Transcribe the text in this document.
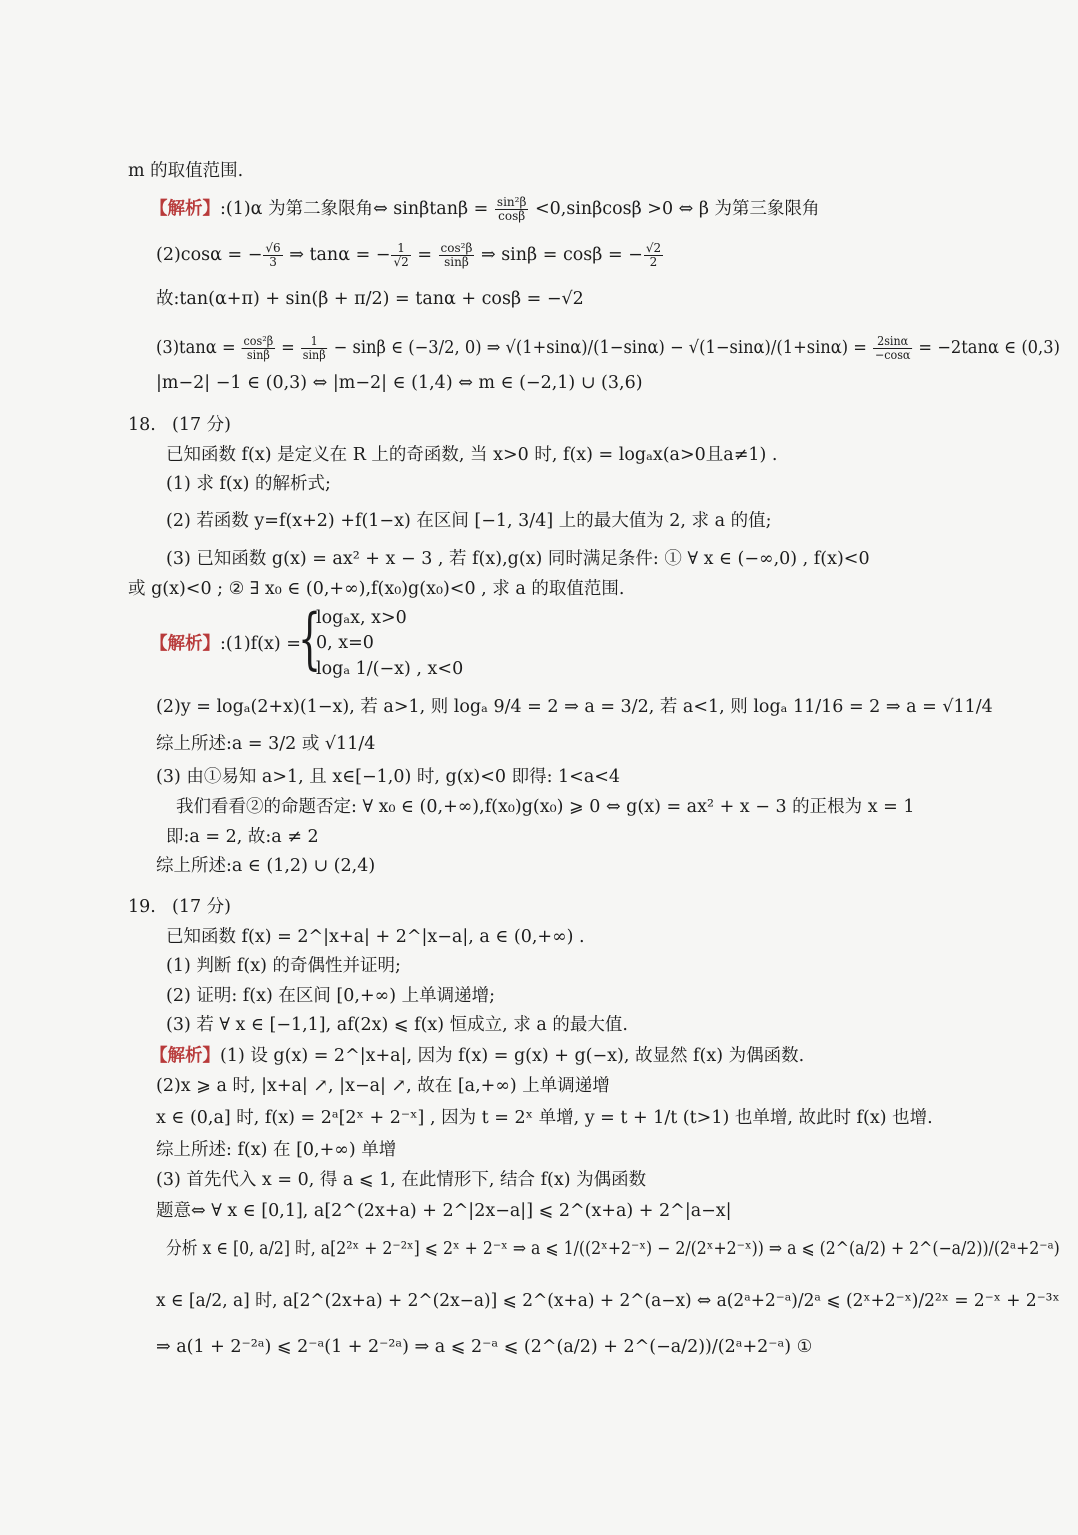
m 的取值范围.
【解析】:(1)α 为第二象限角⇔ $\sin\beta\tan\beta = \frac{\text{sin²β}}{\cos\beta} <0,\sin\beta\cos\beta >0$ ⇔ β 为第三象限角
(2)cosα = − $\frac{√6}{3}$ ⇒ tanα = − $\frac{1}{√2} = \frac{\text{cos²β}}{\sin\beta}$ ⇒ sinβ = cosβ = − $\frac{√2}{2}$
故:tan(α+π) + sin(β + π/2) = tanα + cosβ = −√2
$(3)\tan\alpha = \frac{\text{cos²β}}{\sin\beta} = \frac{1}{\sin\beta} - \sin\beta$ ∈ (−3/2, 0) ⇒ $√(1+\sin\alpha)/(1-\sin\alpha) - √(1-\sin\alpha)/(1+\sin\alpha) = \frac{2\sin\alpha}{-\cos\alpha} = -2\tan\alpha$ ∈ (0,3)
|m−2| −1 ∈ (0,3) ⇔ |m−2| ∈ (1,4) ⇔ m ∈ (−2,1) ∪ (3,6)
18. (17 分)
已知函数 f(x) 是定义在 R 上的奇函数, 当 x>0 时, f(x) = logₐx(a>0且a≠1) .
(1) 求 f(x) 的解析式;
(2) 若函数 y=f(x+2) +f(1−x) 在区间 [−1, 3/4] 上的最大值为 2, 求 a 的值;
(3) 已知函数 g(x) = ax² + x − 3 , 若 f(x),g(x) 同时满足条件: ① ∀ x ∈ (−∞,0) , f(x)<0
或 g(x)<0 ; ② ∃ x₀ ∈ (0,+∞),f(x₀)g(x₀)<0 , 求 a 的取值范围.
【解析】:(1)f(x) =
{
logₐx, x>0
0, x=0
logₐ 1/(−x) , x<0
(2)y = logₐ(2+x)(1−x), 若 a>1, 则 logₐ 9/4 = 2 ⇒ a = 3/2, 若 a<1, 则 logₐ 11/16 = 2 ⇒ a = √11/4
综上所述:a = 3/2 或 √11/4
(3) 由①易知 a>1, 且 x∈[−1,0) 时, g(x)<0 即得: 1<a<4
我们看看②的命题否定: ∀ x₀ ∈ (0,+∞),f(x₀)g(x₀) ⩾ 0 ⇔ g(x) = ax² + x − 3 的正根为 x = 1
即:a = 2, 故:a ≠ 2
综上所述:a ∈ (1,2) ∪ (2,4)
19. (17 分)
已知函数 f(x) = 2^|x+a| + 2^|x−a|, a ∈ (0,+∞) .
(1) 判断 f(x) 的奇偶性并证明;
(2) 证明: f(x) 在区间 [0,+∞) 上单调递增;
(3) 若 ∀ x ∈ [−1,1], af(2x) ⩽ f(x) 恒成立, 求 a 的最大值.
【解析】(1) 设 g(x) = 2^|x+a|, 因为 f(x) = g(x) + g(−x), 故显然 f(x) 为偶函数.
(2)x ⩾ a 时, |x+a| ↗, |x−a| ↗, 故在 [a,+∞) 上单调递增
x ∈ (0,a] 时, f(x) = 2ᵃ[2ˣ + 2⁻ˣ] , 因为 t = 2ˣ 单增, y = t + 1/t (t>1) 也单增, 故此时 f(x) 也增.
综上所述: f(x) 在 [0,+∞) 单增
(3) 首先代入 x = 0, 得 a ⩽ 1, 在此情形下, 结合 f(x) 为偶函数
题意⇔ ∀ x ∈ [0,1], a[2^(2x+a) + 2^|2x−a|] ⩽ 2^(x+a) + 2^|a−x|
分析 x ∈ [0, a/2] 时, a[2²ˣ + 2⁻²ˣ] ⩽ 2ˣ + 2⁻ˣ ⇒ a ⩽ 1/((2ˣ+2⁻ˣ) − 2/(2ˣ+2⁻ˣ)) ⇒ a ⩽ (2^(a/2) + 2^(−a/2))/(2ᵃ+2⁻ᵃ)
x ∈ [a/2, a] 时, a[2^(2x+a) + 2^(2x−a)] ⩽ 2^(x+a) + 2^(a−x) ⇔ a(2ᵃ+2⁻ᵃ)/2ᵃ ⩽ (2ˣ+2⁻ˣ)/2²ˣ = 2⁻ˣ + 2⁻³ˣ
⇒ a(1 + 2⁻²ᵃ) ⩽ 2⁻ᵃ(1 + 2⁻²ᵃ) ⇒ a ⩽ 2⁻ᵃ ⩽ (2^(a/2) + 2^(−a/2))/(2ᵃ+2⁻ᵃ) ①
